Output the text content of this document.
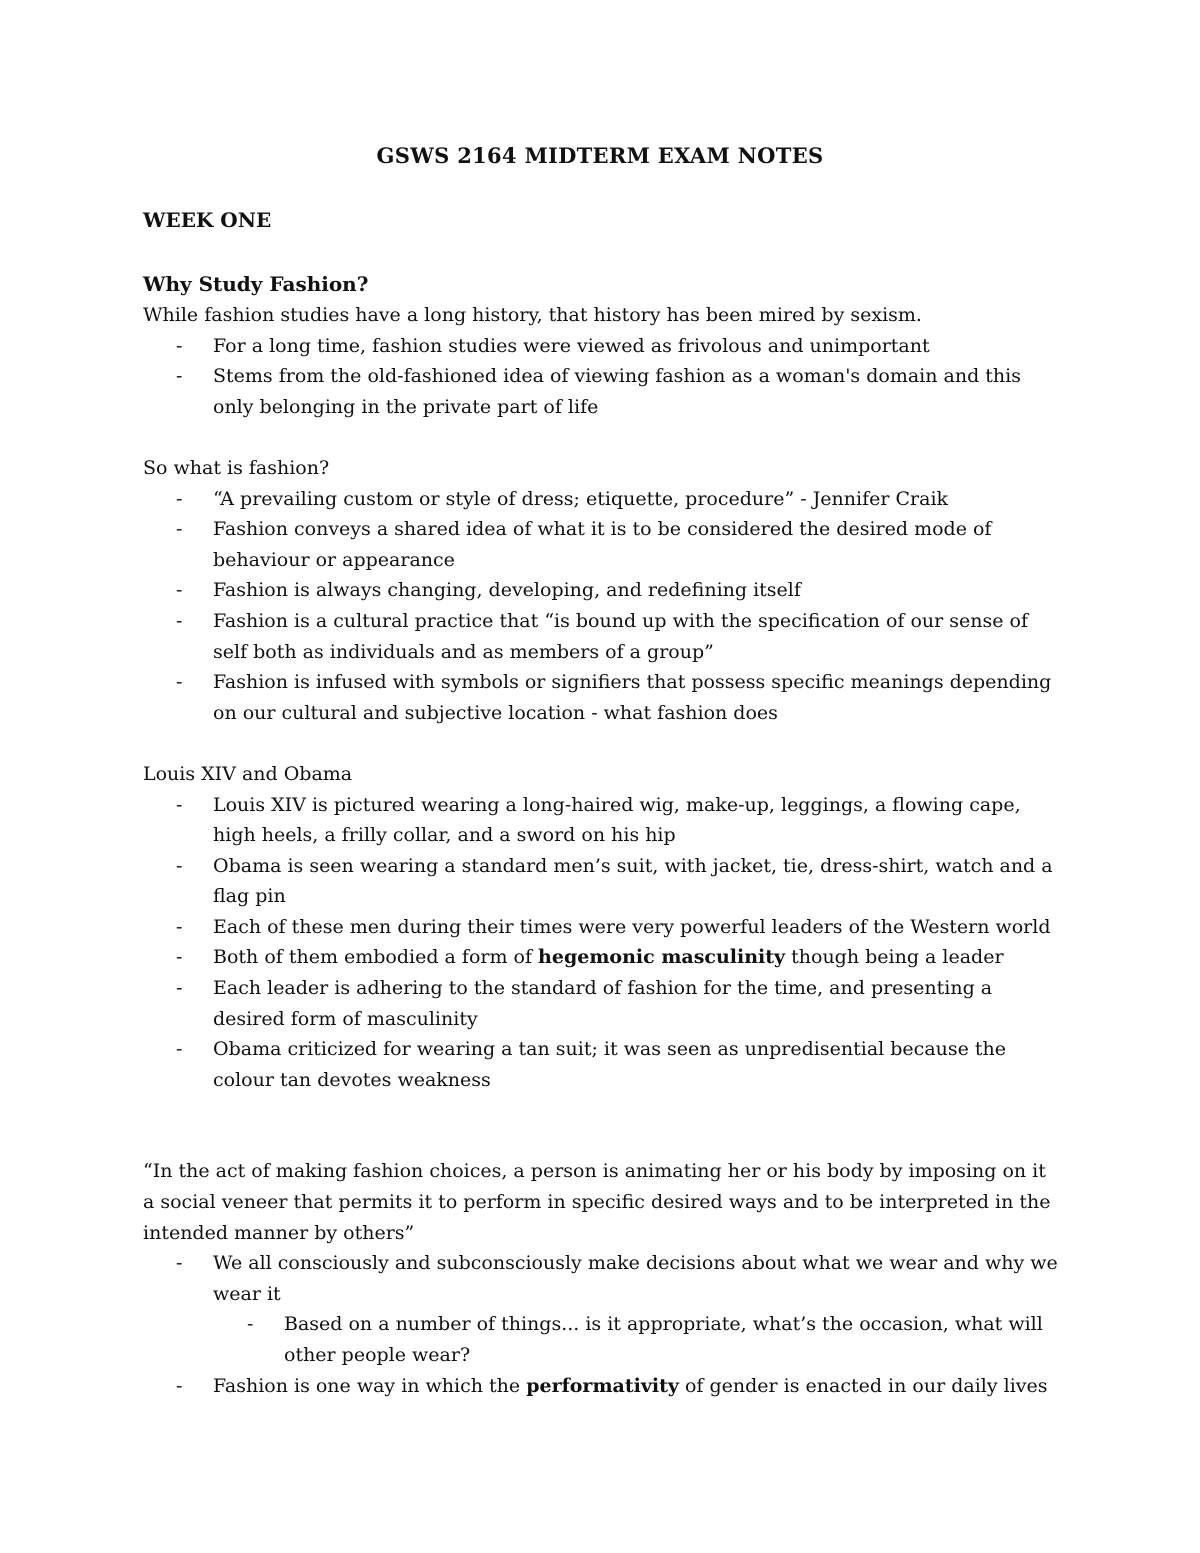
GSWS 2164 MIDTERM EXAM NOTES
WEEK ONE
Why Study Fashion?

While fashion studies have a long history, that history has been mired by sexism.

- For a long time, fashion studies were viewed as frivolous and unimportant
- Stems from the old-fashioned idea of viewing fashion as a woman's domain and this only belonging in the private part of life

So what is fashion?

- “A prevailing custom or style of dress; etiquette, procedure” - Jennifer Craik
- Fashion conveys a shared idea of what it is to be considered the desired mode of behaviour or appearance
- Fashion is always changing, developing, and redefining itself
- Fashion is a cultural practice that “is bound up with the specification of our sense of self both as individuals and as members of a group”
- Fashion is infused with symbols or signifiers that possess specific meanings depending on our cultural and subjective location - what fashion does

Louis XIV and Obama

- Louis XIV is pictured wearing a long-haired wig, make-up, leggings, a flowing cape, high heels, a frilly collar, and a sword on his hip
- Obama is seen wearing a standard men’s suit, with jacket, tie, dress-shirt, watch and a flag pin
- Each of these men during their times were very powerful leaders of the Western world
- Both of them embodied a form of hegemonic masculinity though being a leader
- Each leader is adhering to the standard of fashion for the time, and presenting a desired form of masculinity
- Obama criticized for wearing a tan suit; it was seen as unpredisential because the colour tan devotes weakness

“In the act of making fashion choices, a person is animating her or his body by imposing on it a social veneer that permits it to perform in specific desired ways and to be interpreted in the intended manner by others”

- We all consciously and subconsciously make decisions about what we wear and why we wear it
- Based on a number of things... is it appropriate, what’s the occasion, what will other people wear?
- Fashion is one way in which the performativity of gender is enacted in our daily lives
